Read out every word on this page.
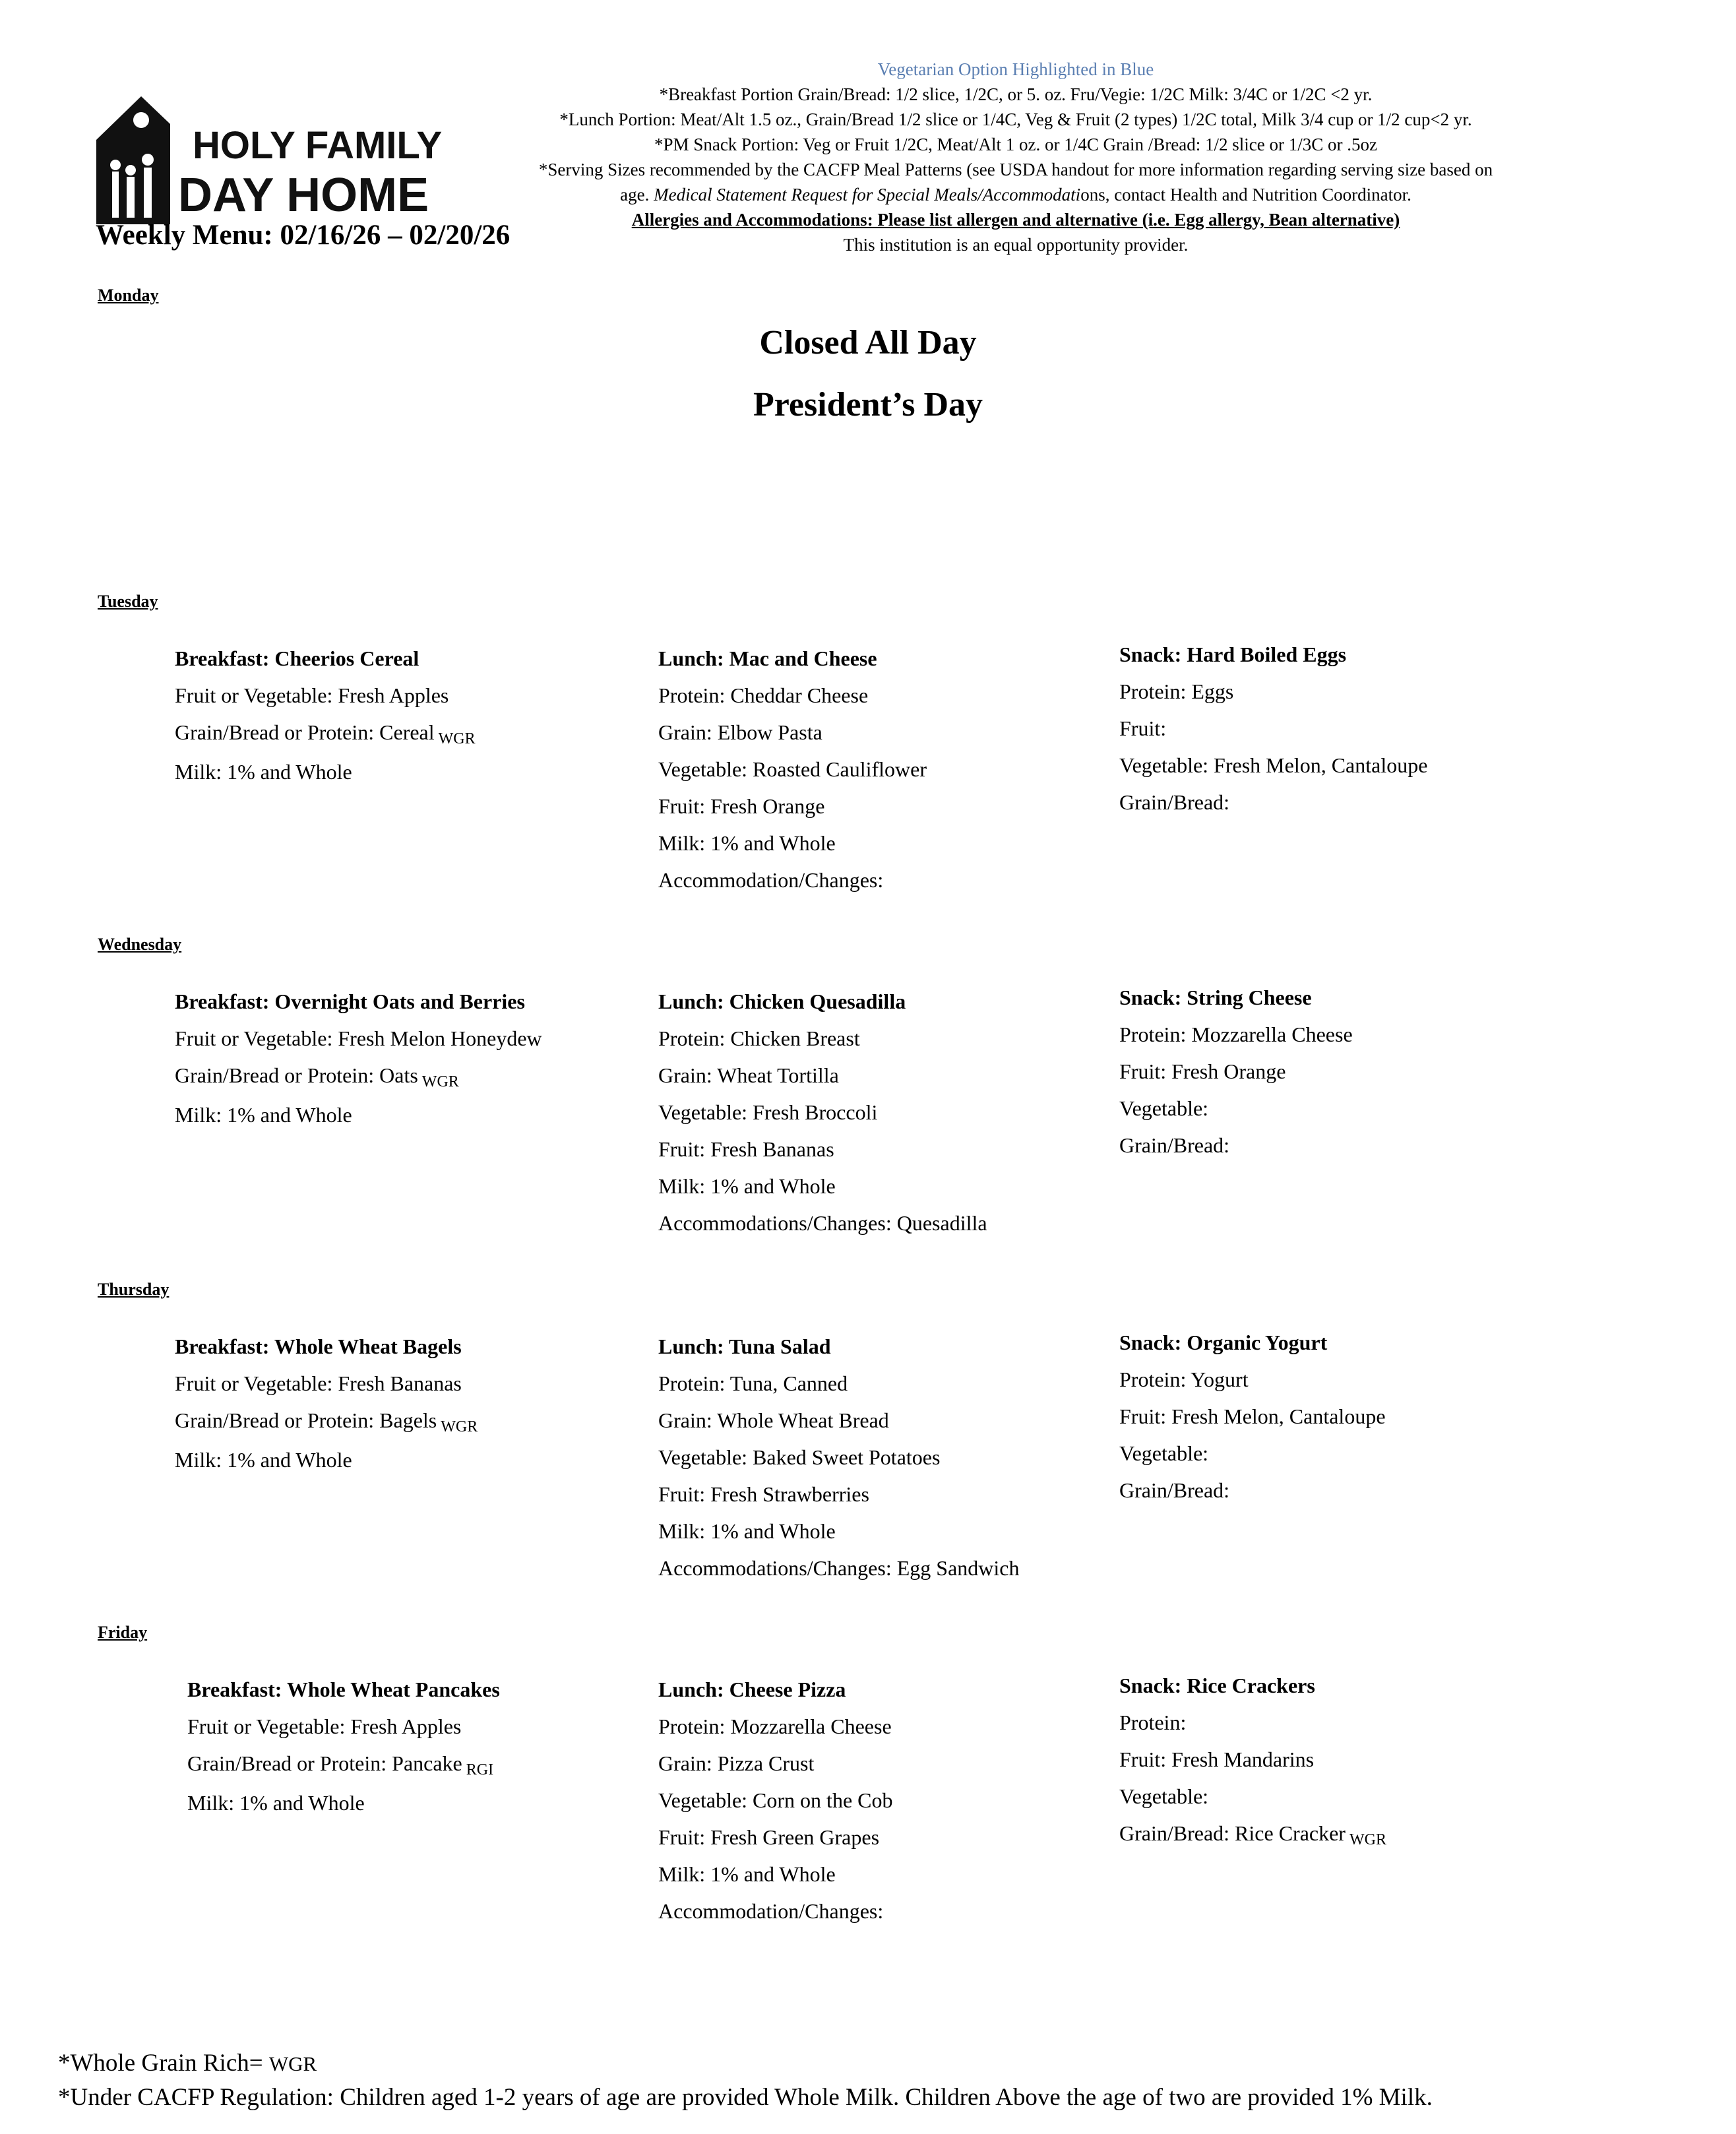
HOLY FAMILY
DAY HOME
Weekly Menu: 02/16/26 – 02/20/26
Vegetarian Option Highlighted in Blue
*Breakfast Portion Grain/Bread: 1/2 slice, 1/2C, or 5. oz. Fru/Vegie: 1/2C Milk: 3/4C or 1/2C <2 yr.
*Lunch Portion: Meat/Alt 1.5 oz., Grain/Bread 1/2 slice or 1/4C, Veg & Fruit (2 types) 1/2C total, Milk 3/4 cup or 1/2 cup<2 yr.
*PM Snack Portion: Veg or Fruit 1/2C, Meat/Alt 1 oz. or 1/4C Grain /Bread: 1/2 slice or 1/3C or .5oz
*Serving Sizes recommended by the CACFP Meal Patterns (see USDA handout for more information regarding serving size based on age. Medical Statement Request for Special Meals/Accommodations, contact Health and Nutrition Coordinator.
Allergies and Accommodations: Please list allergen and alternative (i.e. Egg allergy, Bean alternative)
This institution is an equal opportunity provider.
Monday
Closed All Day
President’s Day
Tuesday
Breakfast: Cheerios Cereal
Fruit or Vegetable: Fresh Apples
Grain/Bread or Protein: Cereal WGR
Milk: 1% and Whole
Lunch: Mac and Cheese
Protein: Cheddar Cheese
Grain: Elbow Pasta
Vegetable: Roasted Cauliflower
Fruit: Fresh Orange
Milk: 1% and Whole
Accommodation/Changes:
Snack: Hard Boiled Eggs
Protein: Eggs
Fruit:
Vegetable: Fresh Melon, Cantaloupe
Grain/Bread:
Wednesday
Breakfast: Overnight Oats and Berries
Fruit or Vegetable: Fresh Melon Honeydew
Grain/Bread or Protein: Oats WGR
Milk: 1% and Whole
Lunch: Chicken Quesadilla
Protein: Chicken Breast
Grain: Wheat Tortilla
Vegetable: Fresh Broccoli
Fruit: Fresh Bananas
Milk: 1% and Whole
Accommodations/Changes: Quesadilla
Snack: String Cheese
Protein: Mozzarella Cheese
Fruit: Fresh Orange
Vegetable:
Grain/Bread:
Thursday
Breakfast: Whole Wheat Bagels
Fruit or Vegetable: Fresh Bananas
Grain/Bread or Protein: Bagels WGR
Milk: 1% and Whole
Lunch: Tuna Salad
Protein: Tuna, Canned
Grain: Whole Wheat Bread
Vegetable: Baked Sweet Potatoes
Fruit: Fresh Strawberries
Milk: 1% and Whole
Accommodations/Changes: Egg Sandwich
Snack: Organic Yogurt
Protein: Yogurt
Fruit: Fresh Melon, Cantaloupe
Vegetable:
Grain/Bread:
Friday
Breakfast: Whole Wheat Pancakes
Fruit or Vegetable: Fresh Apples
Grain/Bread or Protein: Pancake RGI
Milk: 1% and Whole
Lunch: Cheese Pizza
Protein: Mozzarella Cheese
Grain: Pizza Crust
Vegetable: Corn on the Cob
Fruit: Fresh Green Grapes
Milk: 1% and Whole
Accommodation/Changes:
Snack: Rice Crackers
Protein:
Fruit: Fresh Mandarins
Vegetable:
Grain/Bread: Rice Cracker WGR
*Whole Grain Rich= WGR
*Under CACFP Regulation: Children aged 1-2 years of age are provided Whole Milk. Children Above the age of two are provided 1% Milk.
